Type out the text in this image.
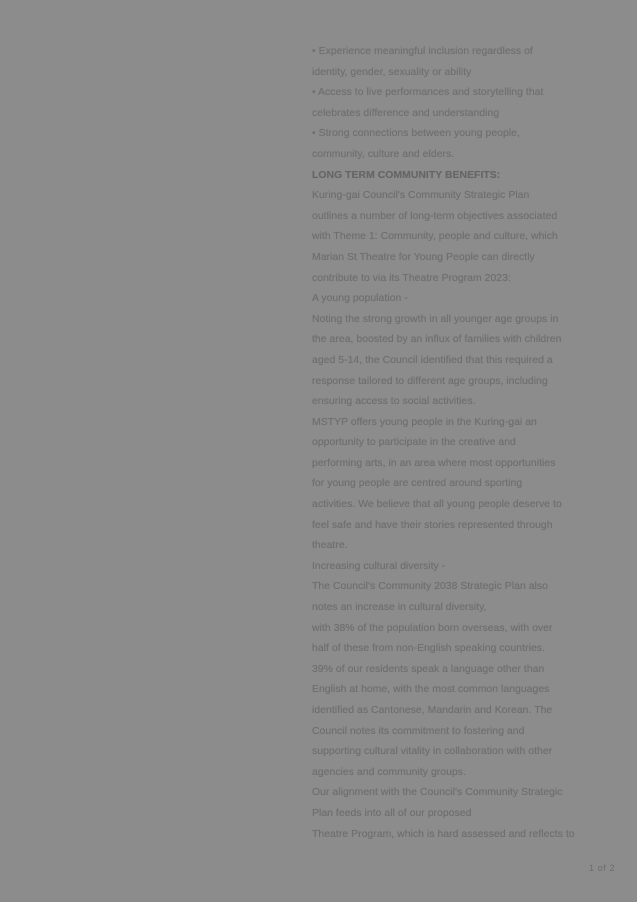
• Experience meaningful inclusion regardless of
identity, gender, sexuality or ability
• Access to live performances and storytelling that
celebrates difference and understanding
• Strong connections between young people,
community, culture and elders.
LONG TERM COMMUNITY BENEFITS:
Kuring-gai Council's Community Strategic Plan
outlines a number of long-term objectives associated
with Theme 1: Community, people and culture, which
Marian St Theatre for Young People can directly
contribute to via its Theatre Program 2023:
A young population -
Noting the strong growth in all younger age groups in
the area, boosted by an influx of families with children
aged 5-14, the Council identified that this required a
response tailored to different age groups, including
ensuring access to social activities.
MSTYP offers young people in the Kuring-gai an
opportunity to participate in the creative and
performing arts, in an area where most opportunities
for young people are centred around sporting
activities. We believe that all young people deserve to
feel safe and have their stories represented through
theatre.
Increasing cultural diversity -
The Council's Community 2038 Strategic Plan also
notes an increase in cultural diversity,
with 38% of the population born overseas, with over
half of these from non-English speaking countries.
39% of our residents speak a language other than
English at home, with the most common languages
identified as Cantonese, Mandarin and Korean. The
Council notes its commitment to fostering and
supporting cultural vitality in collaboration with other
agencies and community groups.
Our alignment with the Council's Community Strategic
Plan feeds into all of our proposed
Theatre Program, which is hard assessed and reflects to
1 of 2
